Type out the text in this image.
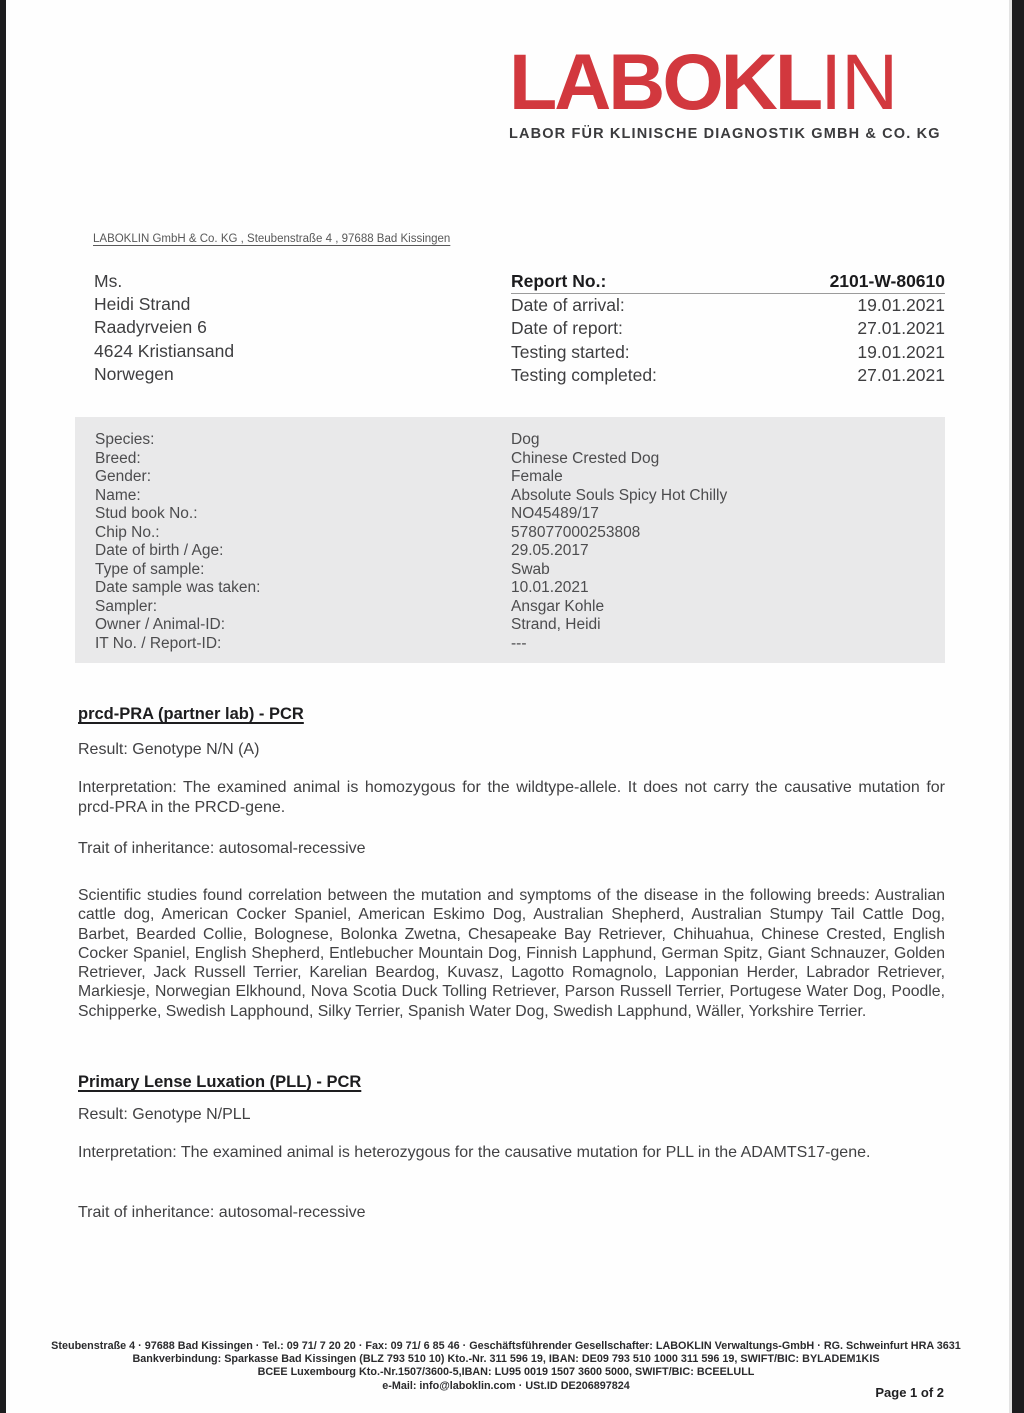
LABOKLIN
LABOR FÜR KLINISCHE DIAGNOSTIK GMBH & CO. KG
LABOKLIN GmbH & Co. KG , Steubenstraße 4 , 97688 Bad Kissingen
Ms.
Heidi Strand
Raadyrveien 6
4624 Kristiansand
Norwegen
Report No.:	2101-W-80610
Date of arrival:	19.01.2021
Date of report:	27.01.2021
Testing started:	19.01.2021
Testing completed:	27.01.2021
Species:	Dog
Breed:	Chinese Crested Dog
Gender:	Female
Name:	Absolute Souls Spicy Hot Chilly
Stud book No.:	NO45489/17
Chip No.:	578077000253808
Date of birth / Age:	29.05.2017
Type of sample:	Swab
Date sample was taken:	10.01.2021
Sampler:	Ansgar Kohle
Owner / Animal-ID:	Strand, Heidi
IT No. / Report-ID:	---
prcd-PRA (partner lab) - PCR
Result: Genotype N/N (A)
Interpretation: The examined animal is homozygous for the wildtype-allele. It does not carry the causative mutation for prcd-PRA in the PRCD-gene.
Trait of inheritance: autosomal-recessive
Scientific studies found correlation between the mutation and symptoms of the disease in the following breeds: Australian cattle dog, American Cocker Spaniel, American Eskimo Dog, Australian Shepherd, Australian Stumpy Tail Cattle Dog, Barbet, Bearded Collie, Bolognese, Bolonka Zwetna, Chesapeake Bay Retriever, Chihuahua, Chinese Crested, English Cocker Spaniel, English Shepherd, Entlebucher Mountain Dog, Finnish Lapphund, German Spitz, Giant Schnauzer, Golden Retriever, Jack Russell Terrier, Karelian Beardog, Kuvasz, Lagotto Romagnolo, Lapponian Herder, Labrador Retriever, Markiesje, Norwegian Elkhound, Nova Scotia Duck Tolling Retriever, Parson Russell Terrier, Portugese Water Dog, Poodle, Schipperke, Swedish Lapphound, Silky Terrier, Spanish Water Dog, Swedish Lapphund, Wäller, Yorkshire Terrier.
Primary Lense Luxation (PLL) - PCR
Result: Genotype N/PLL
Interpretation: The examined animal is heterozygous for the causative mutation for PLL in the ADAMTS17-gene.
Trait of inheritance: autosomal-recessive
Steubenstraße 4 · 97688 Bad Kissingen · Tel.: 09 71/ 7 20 20 · Fax: 09 71/ 6 85 46 · Geschäftsführender Gesellschafter: LABOKLIN Verwaltungs-GmbH · RG. Schweinfurt HRA 3631
Bankverbindung: Sparkasse Bad Kissingen (BLZ 793 510 10) Kto.-Nr. 311 596 19, IBAN: DE09 793 510 1000 311 596 19, SWIFT/BIC: BYLADEM1KIS
BCEE Luxembourg Kto.-Nr.1507/3600-5,IBAN: LU95 0019 1507 3600 5000, SWIFT/BIC: BCEELULL
e-Mail: info@laboklin.com · USt.ID DE206897824	Page 1 of 2
